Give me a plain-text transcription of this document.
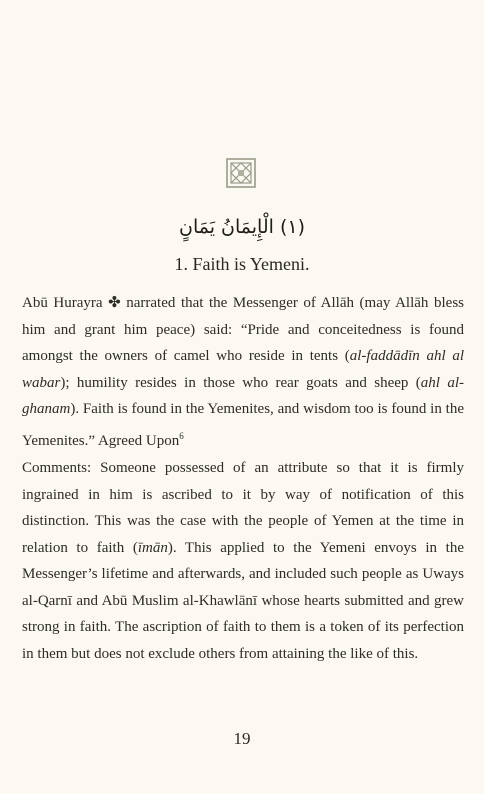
(١) الْإِيمَانُ يَمَانٍ
1. Faith is Yemeni.
Abū Hurayra ✤ narrated that the Messenger of Allāh (may Allāh bless him and grant him peace) said: “Pride and conceitedness is found amongst the owners of camel who reside in tents (al-faddādīn ahl al wabar); humility resides in those who rear goats and sheep (ahl al-ghanam). Faith is found in the Yemenites, and wisdom too is found in the Yemenites.” Agreed Upon$^6$
Comments: Someone possessed of an attribute so that it is firmly ingrained in him is ascribed to it by way of notification of this distinction. This was the case with the people of Yemen at the time in relation to faith (īmān). This applied to the Yemeni envoys in the Messenger’s lifetime and afterwards, and included such people as Uways al-Qarnī and Abū Muslim al-Khawlānī whose hearts submitted and grew strong in faith. The ascription of faith to them is a token of its perfection in them but does not exclude others from attaining the like of this.
19
